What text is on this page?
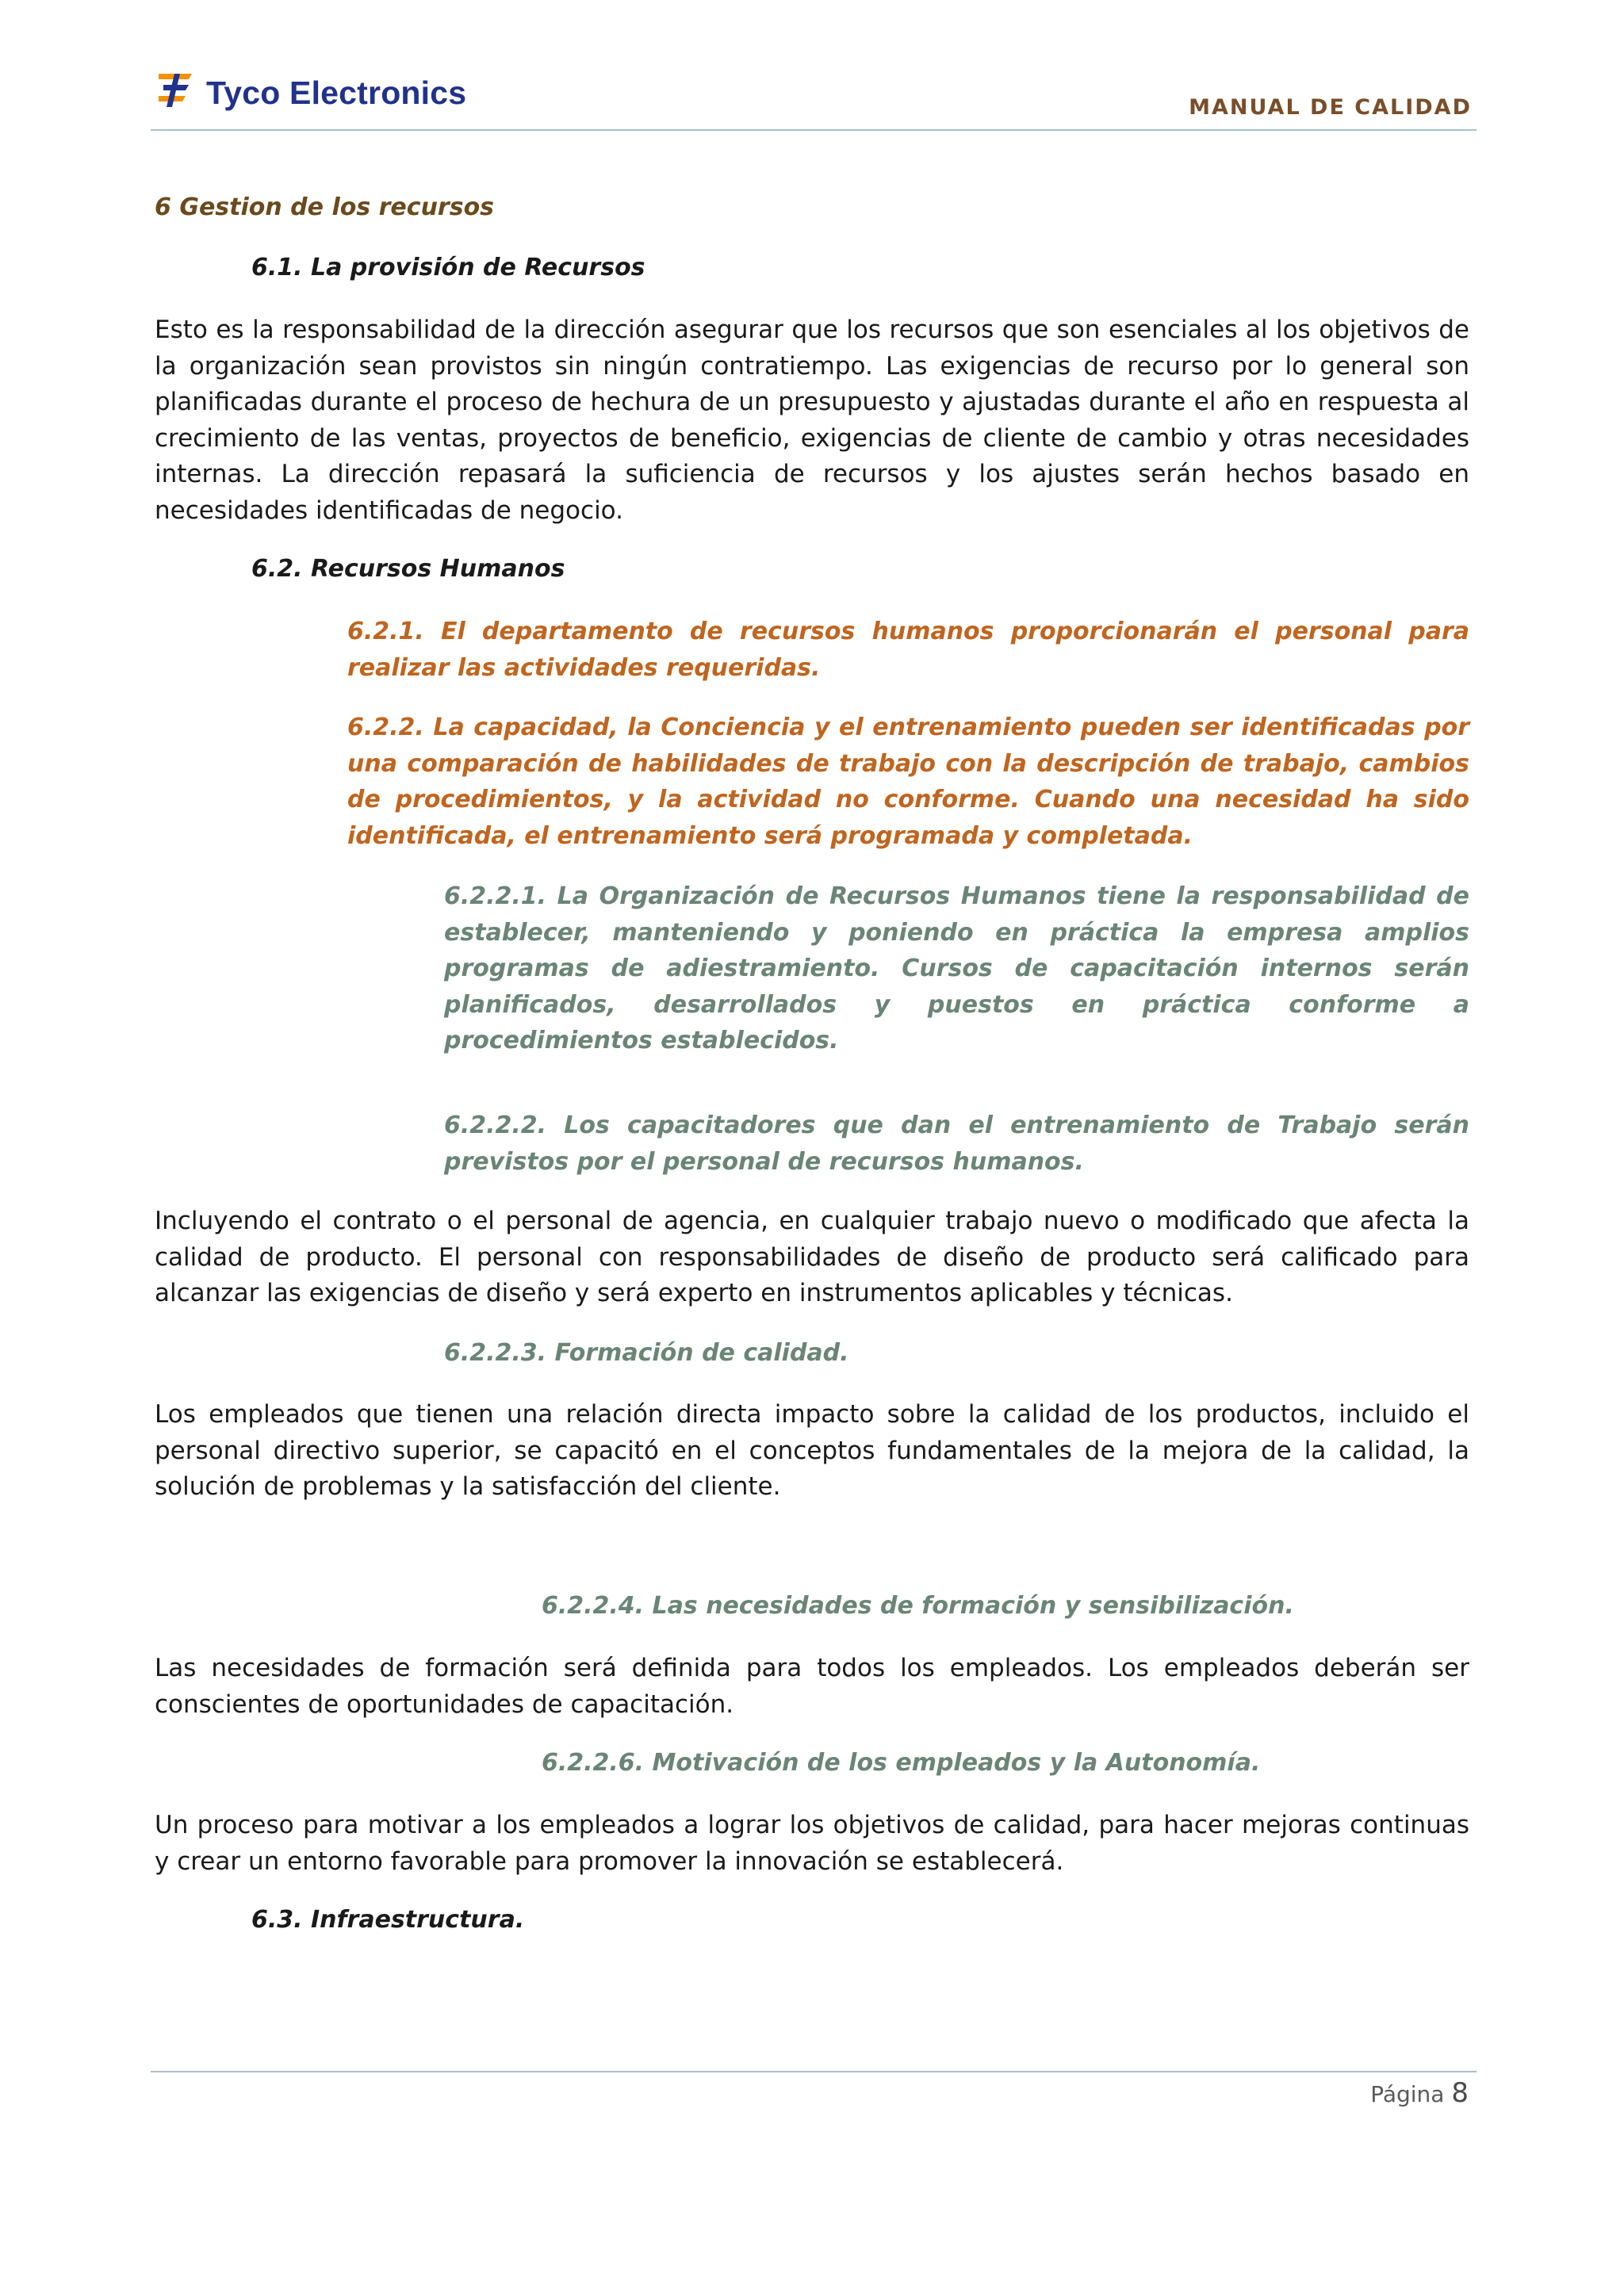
Tyco Electronics	MANUAL DE CALIDAD

6 Gestion de los recursos

6.1. La provisión de Recursos

Esto es la responsabilidad de la dirección asegurar que los recursos que son esenciales al los objetivos de la organización sean provistos sin ningún contratiempo. Las exigencias de recurso por lo general son planificadas durante el proceso de hechura de un presupuesto y ajustadas durante el año en respuesta al crecimiento de las ventas, proyectos de beneficio, exigencias de cliente de cambio y otras necesidades internas. La dirección repasará la suficiencia de recursos y los ajustes serán hechos basado en necesidades identificadas de negocio.

6.2. Recursos Humanos

6.2.1. El departamento de recursos humanos proporcionarán el personal para realizar las actividades requeridas.

6.2.2. La capacidad, la Conciencia y el entrenamiento pueden ser identificadas por una comparación de habilidades de trabajo con la descripción de trabajo, cambios de procedimientos, y la actividad no conforme. Cuando una necesidad ha sido identificada, el entrenamiento será programada y completada.

6.2.2.1. La Organización de Recursos Humanos tiene la responsabilidad de establecer, manteniendo y poniendo en práctica la empresa amplios programas de adiestramiento. Cursos de capacitación internos serán planificados, desarrollados y puestos en práctica conforme a procedimientos establecidos.

6.2.2.2. Los capacitadores que dan el entrenamiento de Trabajo serán previstos por el personal de recursos humanos.

Incluyendo el contrato o el personal de agencia, en cualquier trabajo nuevo o modificado que afecta la calidad de producto. El personal con responsabilidades de diseño de producto será calificado para alcanzar las exigencias de diseño y será experto en instrumentos aplicables y técnicas.

6.2.2.3. Formación de calidad.

Los empleados que tienen una relación directa impacto sobre la calidad de los productos, incluido el personal directivo superior, se capacitó en el conceptos fundamentales de la mejora de la calidad, la solución de problemas y la satisfacción del cliente.

6.2.2.4. Las necesidades de formación y sensibilización.

Las necesidades de formación será definida para todos los empleados. Los empleados deberán ser conscientes de oportunidades de capacitación.

6.2.2.6. Motivación de los empleados y la Autonomía.

Un proceso para motivar a los empleados a lograr los objetivos de calidad, para hacer mejoras continuas y crear un entorno favorable para promover la innovación se establecerá.

6.3. Infraestructura.

Página 8
